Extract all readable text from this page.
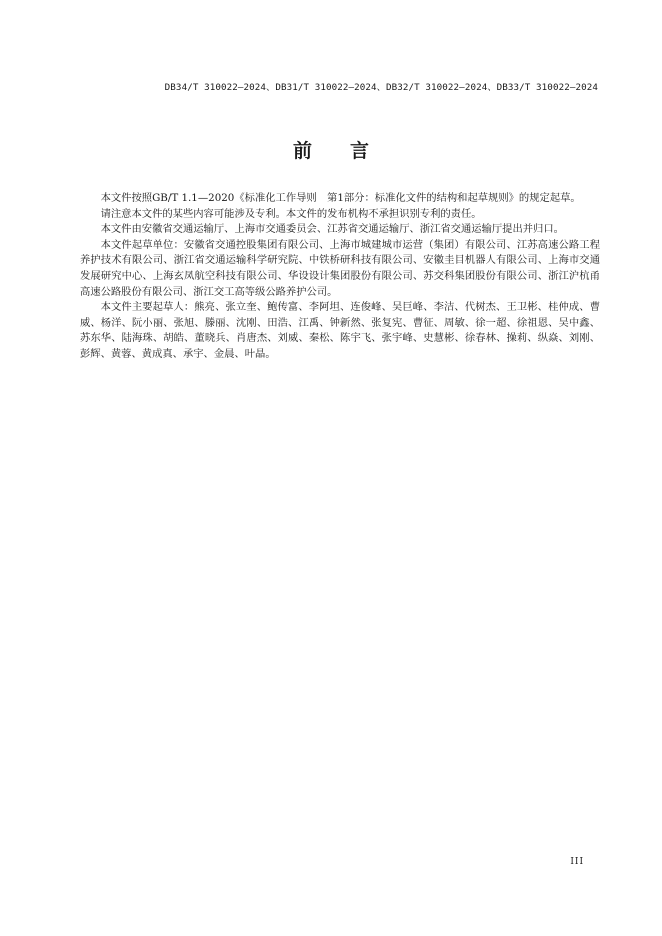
DB34/T 310022—2024、DB31/T 310022—2024、DB32/T 310022—2024、DB33/T 310022—2024
前　　言

本文件按照GB/T 1.1—2020《标准化工作导则　第1部分：标准化文件的结构和起草规则》的规定起草。

请注意本文件的某些内容可能涉及专利。本文件的发布机构不承担识别专利的责任。

本文件由安徽省交通运输厅、上海市交通委员会、江苏省交通运输厅、浙江省交通运输厅提出并归口。

本文件起草单位：安徽省交通控股集团有限公司、上海市城建城市运营（集团）有限公司、江苏高速公路工程养护技术有限公司、浙江省交通运输科学研究院、中铁桥研科技有限公司、安徽圭目机器人有限公司、上海市交通发展研究中心、上海玄凤航空科技有限公司、华设设计集团股份有限公司、苏交科集团股份有限公司、浙江沪杭甬高速公路股份有限公司、浙江交工高等级公路养护公司。

本文件主要起草人：熊亮、张立奎、鲍传富、李阿坦、连俊峰、吴巨峰、李洁、代树杰、王卫彬、桂仲成、曹威、杨洋、阮小丽、张旭、滕丽、沈刚、田浩、江禹、钟新然、张复宪、曹征、周敏、徐一超、徐祖恩、吴中鑫、苏东华、陆海珠、胡皓、董晓兵、肖唐杰、刘威、秦松、陈宇飞、张宇峰、史慧彬、徐春林、操莉、纵焱、刘刚、彭辉、黄蓉、黄成真、承宇、金晨、叶晶。

III
